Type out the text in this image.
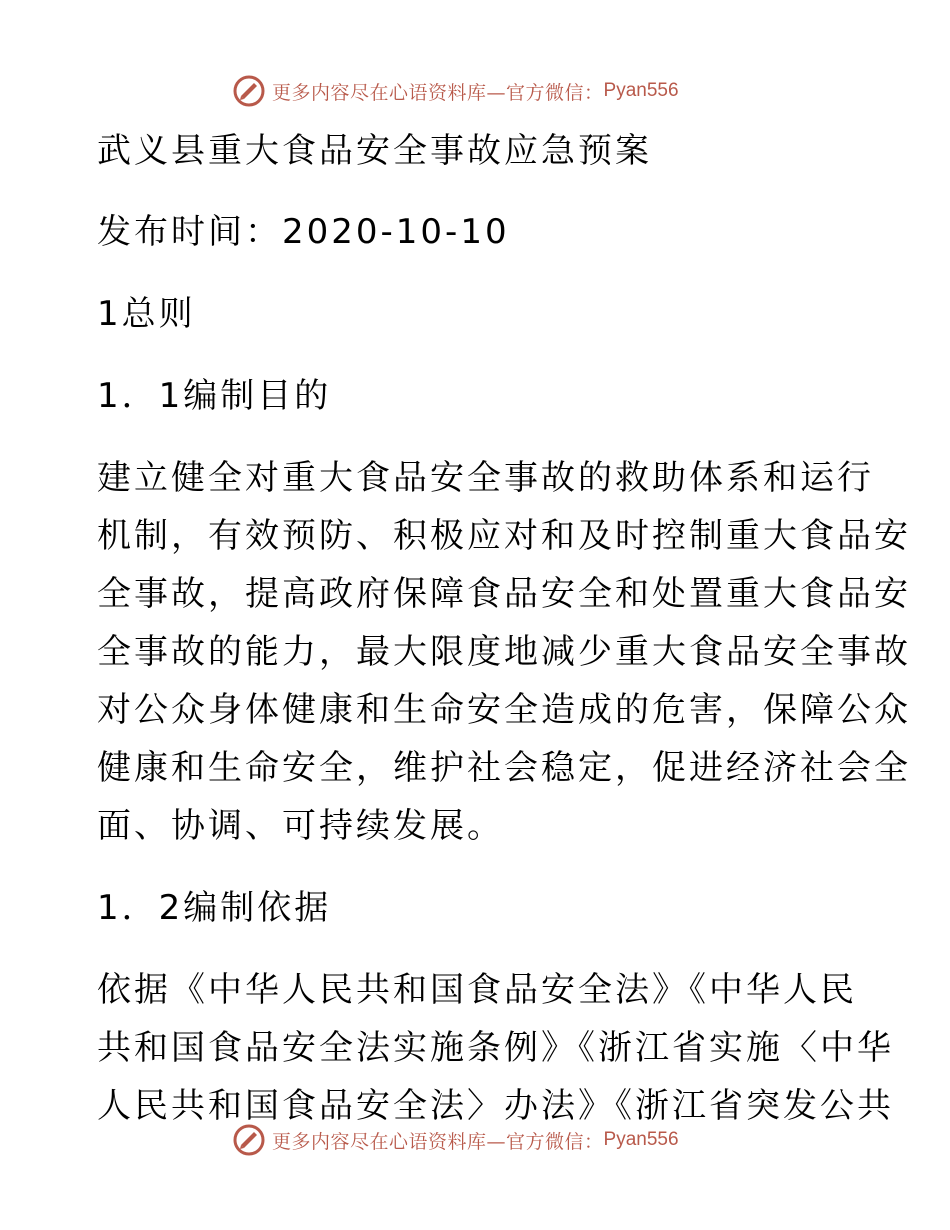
更多内容尽在心语资料库—官方微信： Pyan556
武义县重大食品安全事故应急预案
发布时间：2020-10-10
1总则
1．1编制目的
建立健全对重大食品安全事故的救助体系和运行
机制，有效预防、积极应对和及时控制重大食品安
全事故，提高政府保障食品安全和处置重大食品安
全事故的能力，最大限度地减少重大食品安全事故
对公众身体健康和生命安全造成的危害，保障公众
健康和生命安全，维护社会稳定，促进经济社会全
面、协调、可持续发展。
1．2编制依据
依据《中华人民共和国食品安全法》《中华人民
共和国食品安全法实施条例》《浙江省实施〈中华
人民共和国食品安全法〉办法》《浙江省突发公共
更多内容尽在心语资料库—官方微信： Pyan556
